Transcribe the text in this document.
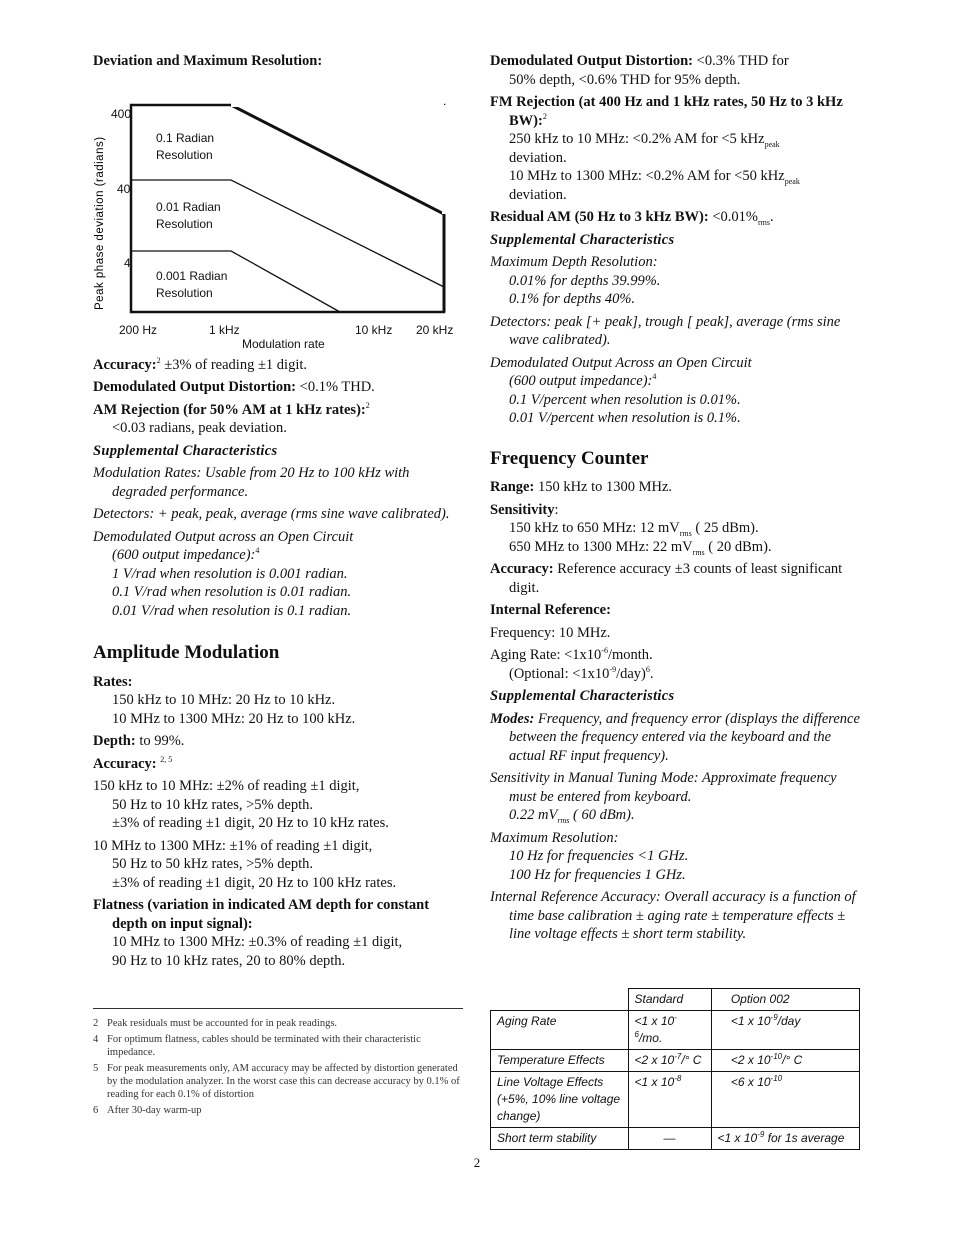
Deviation and Maximum Resolution:
Peak phase deviation (radians)
400
40
4
0.1 Radian
Resolution
0.01 Radian
Resolution
0.001 Radian
Resolution
200 Hz	1 kHz	10 kHz 20 kHz
Modulation rate
Accuracy:$^2$ ±3% of reading ±1 digit.
Demodulated Output Distortion: <0.1% THD.
AM Rejection (for 50% AM at 1 kHz rates):$^2$
<0.03 radians, peak deviation.
Supplemental Characteristics
Modulation Rates: Usable from 20 Hz to 100 kHz with degraded performance.
Detectors: + peak, peak, average (rms sine wave calibrated).
Demodulated Output across an Open Circuit
(600 output impedance):$^4$
1 V/rad when resolution is 0.001 radian.
0.1 V/rad when resolution is 0.01 radian.
0.01 V/rad when resolution is 0.1 radian.
Amplitude Modulation
Rates:
150 kHz to 10 MHz: 20 Hz to 10 kHz.
10 MHz to 1300 MHz: 20 Hz to 100 kHz.
Depth: to 99%.
Accuracy: $^{2, 5}$
150 kHz to 10 MHz: ±2% of reading ±1 digit,
50 Hz to 10 kHz rates, >5% depth.
±3% of reading ±1 digit, 20 Hz to 10 kHz rates.
10 MHz to 1300 MHz: ±1% of reading ±1 digit,
50 Hz to 50 kHz rates, >5% depth.
±3% of reading ±1 digit, 20 Hz to 100 kHz rates.
Flatness (variation in indicated AM depth for constant depth on input signal):
10 MHz to 1300 MHz: ±0.3% of reading ±1 digit,
90 Hz to 10 kHz rates, 20 to 80% depth.
2 Peak residuals must be accounted for in peak readings.
4 For optimum flatness, cables should be terminated with their characteristic impedance.
5 For peak measurements only, AM accuracy may be affected by distortion generated by the modulation analyzer. In the worst case this can decrease accuracy by 0.1% of reading for each 0.1% of distortion
6 After 30-day warm-up
Demodulated Output Distortion: <0.3% THD for
50% depth, <0.6% THD for 95% depth.
FM Rejection (at 400 Hz and 1 kHz rates, 50 Hz to 3 kHz BW):$^2$
250 kHz to 10 MHz: <0.2% AM for <5 kHz$_{peak}$
deviation.
10 MHz to 1300 MHz: <0.2% AM for <50 kHz$_{peak}$
deviation.
Residual AM (50 Hz to 3 kHz BW): $<0.01\%_{rms}$.
Supplemental Characteristics
Maximum Depth Resolution:
0.01% for depths 39.99%.
0.1% for depths 40%.
Detectors: peak [+ peak], trough [ peak], average (rms sine wave calibrated).
Demodulated Output Across an Open Circuit
(600 output impedance):$^4$
0.1 V/percent when resolution is 0.01%.
0.01 V/percent when resolution is 0.1%.
Frequency Counter
Range: 150 kHz to 1300 MHz.
Sensitivity:
150 kHz to 650 MHz: 12 $mV_{rms}$ ( 25 dBm).
650 MHz to 1300 MHz: 22 $mV_{rms}$ ( 20 dBm).
Accuracy: Reference accuracy ±3 counts of least significant digit.
Internal Reference:
Frequency: 10 MHz.
Aging Rate: $<1x10^{-6}$/month.
(Optional: $<1x10^{-9}/day)^6$.
Supplemental Characteristics
Modes: Frequency, and frequency error (displays the difference between the frequency entered via the keyboard and the actual RF input frequency).
Sensitivity in Manual Tuning Mode: Approximate frequency must be entered from keyboard.
0.22 $mV_{rms}$ ( 60 dBm).
Maximum Resolution:
10 Hz for frequencies <1 GHz.
100 Hz for frequencies 1 GHz.
Internal Reference Accuracy: Overall accuracy is a function of time base calibration ± aging rate ± temperature effects ± line voltage effects ± short term stability.
	Standard	Option 002
Aging Rate	<1 x $10^{-6}/mo$.	<1 x $10^{-9}$/day
Temperature Effects	<2 x $10^{-7}/^\circ$ C	<2 x $10^{-10}/^\circ$ C
Line Voltage Effects (+5%, 10% line voltage change)	<1 x $10^{-8}$	<6 x $10^{-10}$
Short term stability	—	<1 x $10^{-9}$ for 1s average
2
